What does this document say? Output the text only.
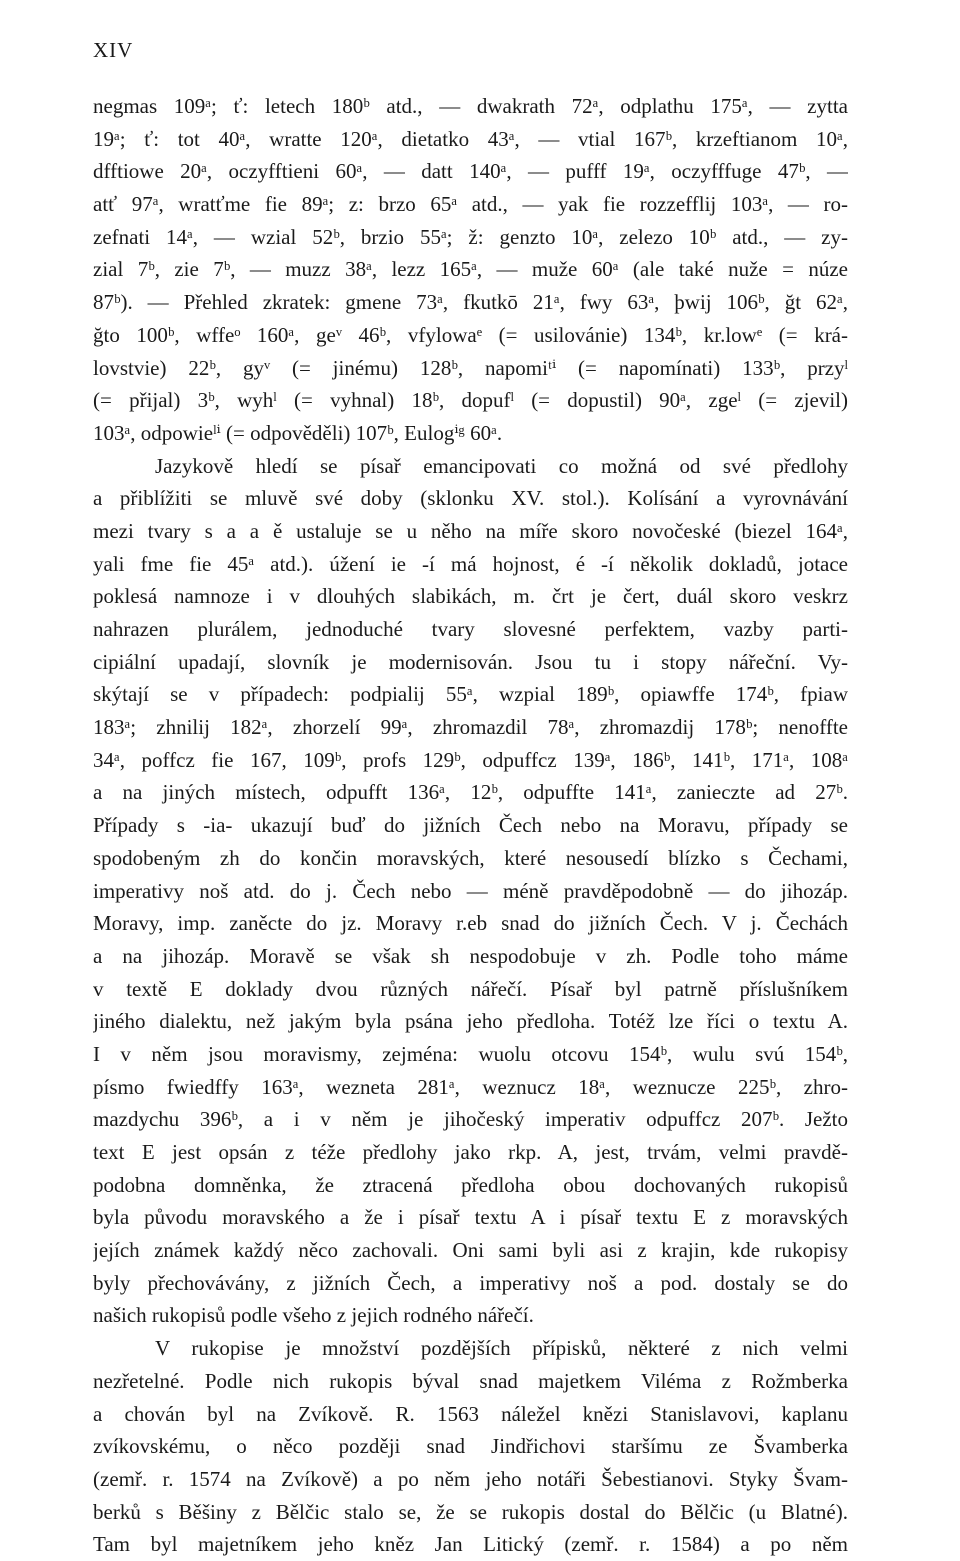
XIV
negmas 109ᵃ; ť: letech 180ᵇ atd., — dwakrath 72ᵃ, odplathu 175ᵃ, — zytta
19ᵃ; ť: tot 40ᵃ, wratte 120ᵃ, dietatko 43ᵃ, — vtial 167ᵇ, krzeftianom 10ᵃ,
dfftiowe 20ᵃ, oczyfftieni 60ᵃ, — datt 140ᵃ, — pufff 19ᵃ, oczyfffuge 47ᵇ, —
atť 97ᵃ, wratťme fie 89ᵃ; z: brzo 65ᵃ atd., — yak fie rozzefflij 103ᵃ, — ro-
zefnati 14ᵃ, — wzial 52ᵇ, brzio 55ᵃ; ž: genzto 10ᵃ, zelezo 10ᵇ atd., — zy-
zial 7ᵇ, zie 7ᵇ, — muzz 38ᵃ, lezz 165ᵃ, — muže 60ᵃ (ale také nuže = núze
87ᵇ). — Přehled zkratek: gmene 73ᵃ, fkutkō 21ᵃ, fwy 63ᵃ, þwij 106ᵇ, ğt 62ᵃ,
ğto 100ᵇ, wffeᵒ 160ᵃ, geᵛ 46ᵇ, vfylowaᵉ (= usilovánie) 134ᵇ, kr.lowᵉ (= krá-
lovstvie) 22ᵇ, gyᵛ (= jinému) 128ᵇ, napomiᵗⁱ (= napomínati) 133ᵇ, przyˡ
(= přijal) 3ᵇ, wyhˡ (= vyhnal) 18ᵇ, dopufˡ (= dopustil) 90ᵃ, zgeˡ (= zjevil)
103ᵃ, odpowieˡⁱ (= odpověděli) 107ᵇ, Eulogⁱᵍ 60ᵃ.
Jazykově hledí se písař emancipovati co možná od své předlohy
a přiblížiti se mluvě své doby (sklonku XV. stol.). Kolísání a vyrovnávání
mezi tvary s a a ě ustaluje se u něho na míře skoro novočeské (biezel 164ᵃ,
yali fme fie 45ᵃ atd.). úžení ie -í má hojnost, é -í několik dokladů, jotace
poklesá namnoze i v dlouhých slabikách, m. črt je čert, duál skoro veskrz
nahrazen plurálem, jednoduché tvary slovesné perfektem, vazby parti-
cipiální upadají, slovník je modernisován. Jsou tu i stopy nářeční. Vy-
skýtají se v případech: podpialij 55ᵃ, wzpial 189ᵇ, opiawffe 174ᵇ, fpiaw
183ᵃ; zhnilij 182ᵃ, zhorzelí 99ᵃ, zhromazdil 78ᵃ, zhromazdij 178ᵇ; nenoffte
34ᵃ, poffcz fie 167, 109ᵇ, profs 129ᵇ, odpuffcz 139ᵃ, 186ᵇ, 141ᵇ, 171ᵃ, 108ᵃ
a na jiných místech, odpufft 136ᵃ, 12ᵇ, odpuffte 141ᵃ, zanieczte ad 27ᵇ.
Případy s -ia- ukazují buď do jižních Čech nebo na Moravu, případy se
spodobeným zh do končin moravských, které nesousedí blízko s Čechami,
imperativy noš atd. do j. Čech nebo — méně pravděpodobně — do jihozáp.
Moravy, imp. zaněcte do jz. Moravy r.eb snad do jižních Čech. V j. Čechách
a na jihozáp. Moravě se však sh nespodobuje v zh. Podle toho máme
v textě E doklady dvou různých nářečí. Písař byl patrně příslušníkem
jiného dialektu, než jakým byla psána jeho předloha. Totéž lze říci o textu A.
I v něm jsou moravismy, zejména: wuolu otcovu 154ᵇ, wulu svú 154ᵇ,
písmo fwiedffy 163ᵃ, wezneta 281ᵃ, weznucz 18ᵃ, weznucze 225ᵇ, zhro-
mazdychu 396ᵇ, a i v něm je jihočeský imperativ odpuffcz 207ᵇ. Ježto
text E jest opsán z téže předlohy jako rkp. A, jest, trvám, velmi pravdě-
podobna domněnka, že ztracená předloha obou dochovaných rukopisů
byla původu moravského a že i písař textu A i písař textu E z moravských
jejích známek každý něco zachovali. Oni sami byli asi z krajin, kde rukopisy
byly přechovávány, z jižních Čech, a imperativy noš a pod. dostaly se do
našich rukopisů podle všeho z jejich rodného nářečí.
V rukopise je množství pozdějších přípisků, některé z nich velmi
nezřetelné. Podle nich rukopis býval snad majetkem Viléma z Rožmberka
a chován byl na Zvíkově. R. 1563 náležel knězi Stanislavovi, kaplanu
zvíkovskému, o něco později snad Jindřichovi staršímu ze Švamberka
(zemř. r. 1574 na Zvíkově) a po něm jeho notáři Šebestianovi. Styky Švam-
berků s Běšiny z Bělčic stalo se, že se rukopis dostal do Bělčic (u Blatné).
Tam byl majetníkem jeho kněz Jan Litický (zemř. r. 1584) a po něm
